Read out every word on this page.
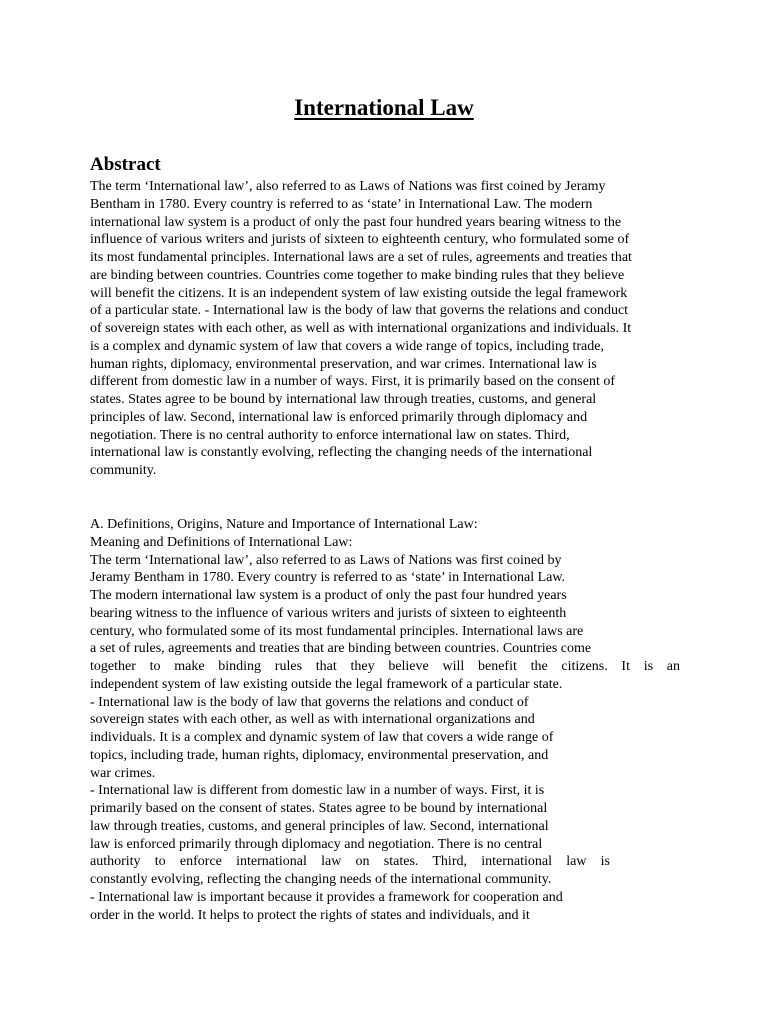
International Law
Abstract
The term ‘International law’, also referred to as Laws of Nations was first coined by Jeramy
Bentham in 1780. Every country is referred to as ‘state’ in International Law. The modern
international law system is a product of only the past four hundred years bearing witness to the
influence of various writers and jurists of sixteen to eighteenth century, who formulated some of
its most fundamental principles. International laws are a set of rules, agreements and treaties that
are binding between countries. Countries come together to make binding rules that they believe
will benefit the citizens. It is an independent system of law existing outside the legal framework
of a particular state. - International law is the body of law that governs the relations and conduct
of sovereign states with each other, as well as with international organizations and individuals. It
is a complex and dynamic system of law that covers a wide range of topics, including trade,
human rights, diplomacy, environmental preservation, and war crimes. International law is
different from domestic law in a number of ways. First, it is primarily based on the consent of
states. States agree to be bound by international law through treaties, customs, and general
principles of law. Second, international law is enforced primarily through diplomacy and
negotiation. There is no central authority to enforce international law on states. Third,
international law is constantly evolving, reflecting the changing needs of the international
community.
A. Definitions, Origins, Nature and Importance of International Law:
Meaning and Definitions of International Law:
The term ‘International law’, also referred to as Laws of Nations was first coined by
Jeramy Bentham in 1780. Every country is referred to as ‘state’ in International Law.
The modern international law system is a product of only the past four hundred years
bearing witness to the influence of various writers and jurists of sixteen to eighteenth
century, who formulated some of its most fundamental principles. International laws are
a set of rules, agreements and treaties that are binding between countries. Countries come
together to make binding rules that they believe will benefit the citizens. It is an
independent system of law existing outside the legal framework of a particular state.
- International law is the body of law that governs the relations and conduct of
sovereign states with each other, as well as with international organizations and
individuals. It is a complex and dynamic system of law that covers a wide range of
topics, including trade, human rights, diplomacy, environmental preservation, and
war crimes.
- International law is different from domestic law in a number of ways. First, it is
primarily based on the consent of states. States agree to be bound by international
law through treaties, customs, and general principles of law. Second, international
law is enforced primarily through diplomacy and negotiation. There is no central
authority to enforce international law on states. Third, international law is
constantly evolving, reflecting the changing needs of the international community.
- International law is important because it provides a framework for cooperation and
order in the world. It helps to protect the rights of states and individuals, and it
